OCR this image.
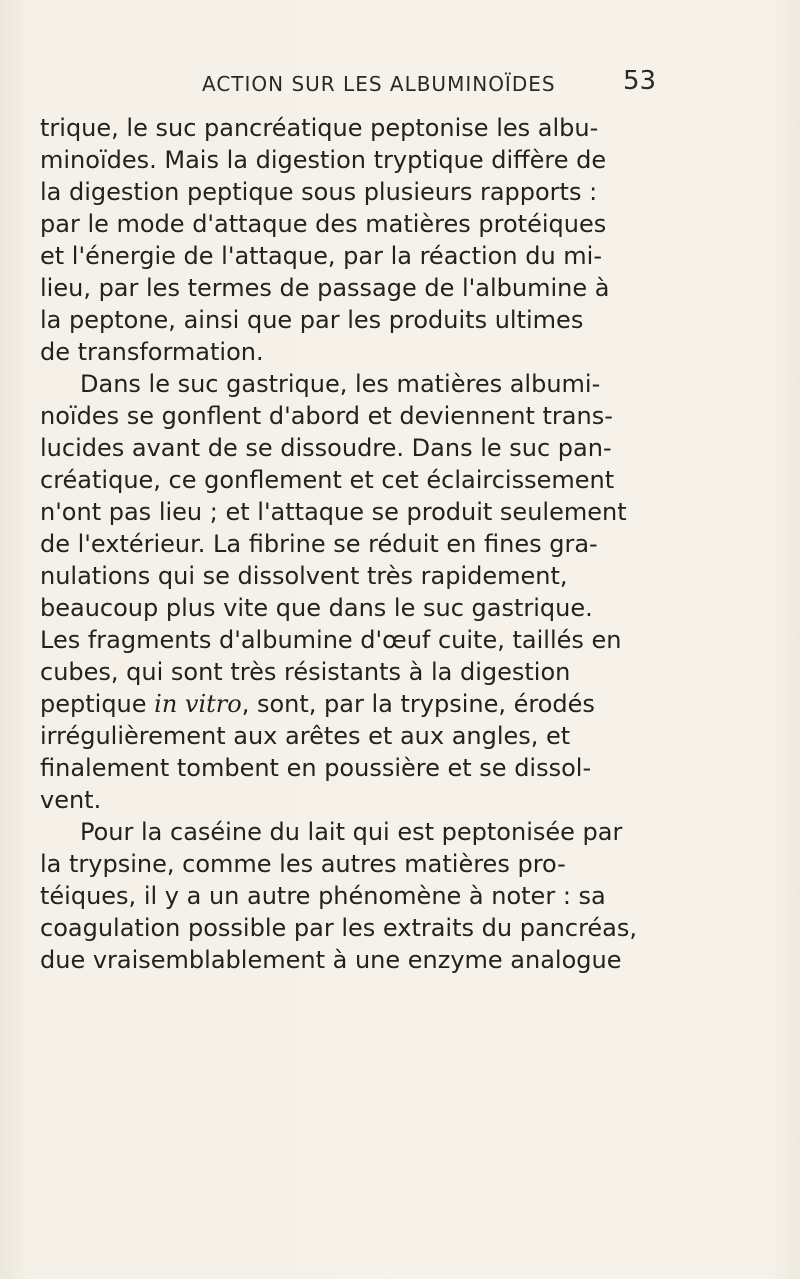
ACTION SUR LES ALBUMINOÏDES	53
trique, le suc pancréatique peptonise les albu-
minoïdes. Mais la digestion tryptique diffère de
la digestion peptique sous plusieurs rapports :
par le mode d'attaque des matières protéiques
et l'énergie de l'attaque, par la réaction du mi-
lieu, par les termes de passage de l'albumine à
la peptone, ainsi que par les produits ultimes
de transformation.
Dans le suc gastrique, les matières albumi-
noïdes se gonflent d'abord et deviennent trans-
lucides avant de se dissoudre. Dans le suc pan-
créatique, ce gonflement et cet éclaircissement
n'ont pas lieu ; et l'attaque se produit seulement
de l'extérieur. La fibrine se réduit en fines gra-
nulations qui se dissolvent très rapidement,
beaucoup plus vite que dans le suc gastrique.
Les fragments d'albumine d'œuf cuite, taillés en
cubes, qui sont très résistants à la digestion
peptique in vitro, sont, par la trypsine, érodés
irrégulièrement aux arêtes et aux angles, et
finalement tombent en poussière et se dissol-
vent.
Pour la caséine du lait qui est peptonisée par
la trypsine, comme les autres matières pro-
téiques, il y a un autre phénomène à noter : sa
coagulation possible par les extraits du pancréas,
due vraisemblablement à une enzyme analogue
